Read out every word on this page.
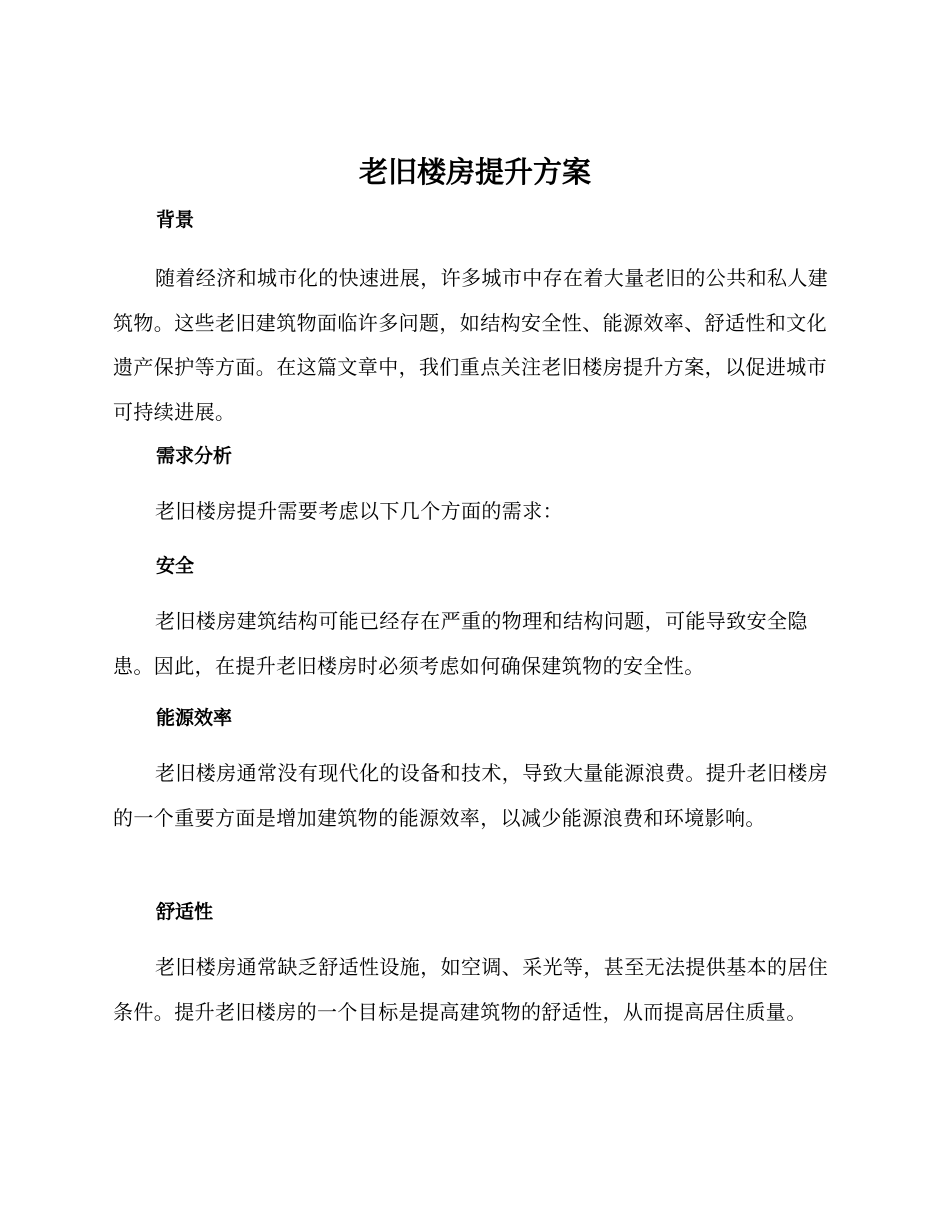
老旧楼房提升方案
背景

随着经济和城市化的快速进展，许多城市中存在着大量老旧的公共和私人建筑物。这些老旧建筑物面临许多问题，如结构安全性、能源效率、舒适性和文化遗产保护等方面。在这篇文章中，我们重点关注老旧楼房提升方案，以促进城市可持续进展。

需求分析

老旧楼房提升需要考虑以下几个方面的需求：

安全

老旧楼房建筑结构可能已经存在严重的物理和结构问题，可能导致安全隐患。因此，在提升老旧楼房时必须考虑如何确保建筑物的安全性。

能源效率

老旧楼房通常没有现代化的设备和技术，导致大量能源浪费。提升老旧楼房的一个重要方面是增加建筑物的能源效率，以减少能源浪费和环境影响。

舒适性

老旧楼房通常缺乏舒适性设施，如空调、采光等，甚至无法提供基本的居住条件。提升老旧楼房的一个目标是提高建筑物的舒适性，从而提高居住质量。
